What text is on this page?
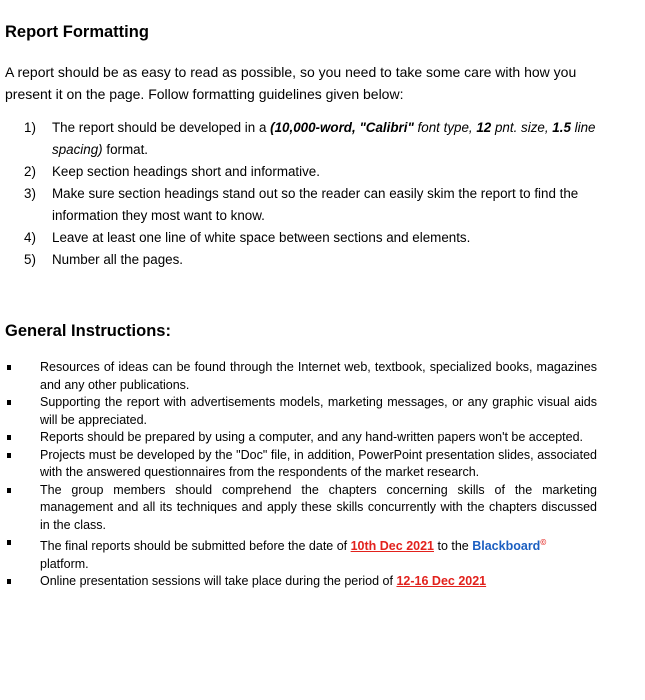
Report Formatting

A report should be as easy to read as possible, so you need to take some care with how you present it on the page. Follow formatting guidelines given below:

1) The report should be developed in a (10,000-word, "Calibri" font type, 12 pnt. size, 1.5 line spacing) format.
2) Keep section headings short and informative.
3) Make sure section headings stand out so the reader can easily skim the report to find the information they most want to know.
4) Leave at least one line of white space between sections and elements.
5) Number all the pages.
General Instructions:
Resources of ideas can be found through the Internet web, textbook, specialized books, magazines and any other publications.
Supporting the report with advertisements models, marketing messages, or any graphic visual aids will be appreciated.
Reports should be prepared by using a computer, and any hand-written papers won't be accepted.
Projects must be developed by the "Doc" file, in addition, PowerPoint presentation slides, associated with the answered questionnaires from the respondents of the market research.
The group members should comprehend the chapters concerning skills of the marketing management and all its techniques and apply these skills concurrently with the chapters discussed in the class.
The final reports should be submitted before the date of 10th Dec 2021 to the Blackboard© platform.
Online presentation sessions will take place during the period of 12-16 Dec 2021
